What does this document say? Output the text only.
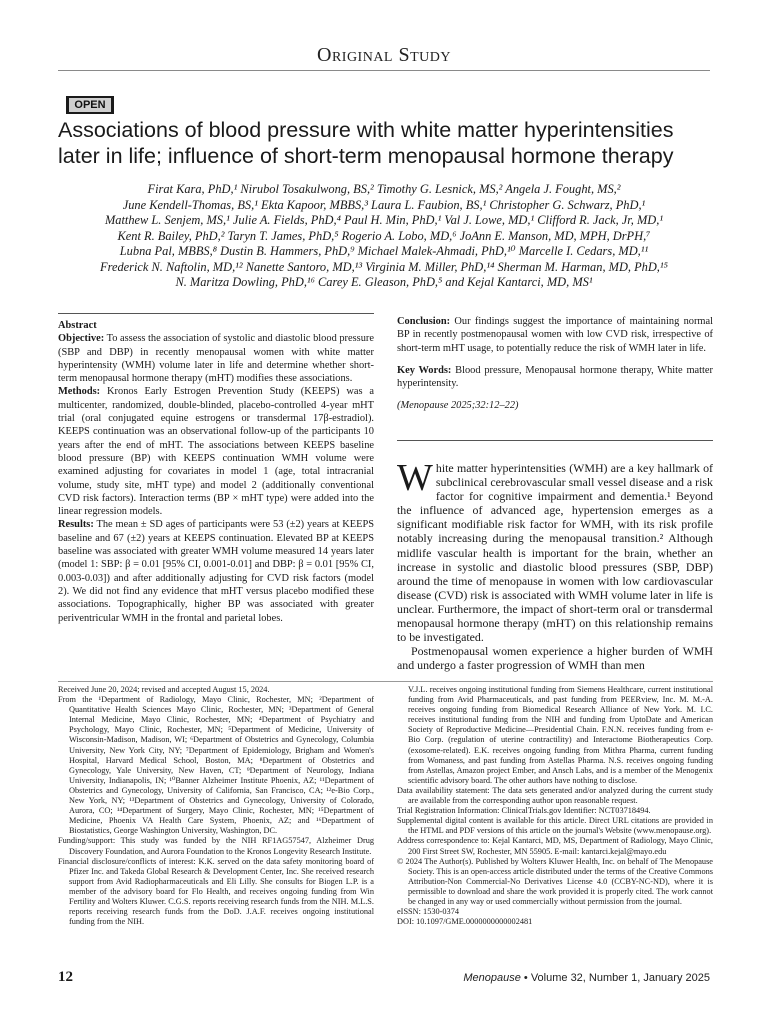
Original Study
OPEN
Associations of blood pressure with white matter hyperintensities later in life; influence of short-term menopausal hormone therapy
Firat Kara, PhD,¹ Nirubol Tosakulwong, BS,² Timothy G. Lesnick, MS,² Angela J. Fought, MS,²
June Kendell-Thomas, BS,¹ Ekta Kapoor, MBBS,³ Laura L. Faubion, BS,¹ Christopher G. Schwarz, PhD,¹
Matthew L. Senjem, MS,¹ Julie A. Fields, PhD,⁴ Paul H. Min, PhD,¹ Val J. Lowe, MD,¹ Clifford R. Jack, Jr, MD,¹
Kent R. Bailey, PhD,² Taryn T. James, PhD,⁵ Rogerio A. Lobo, MD,⁶ JoAnn E. Manson, MD, MPH, DrPH,⁷
Lubna Pal, MBBS,⁸ Dustin B. Hammers, PhD,⁹ Michael Malek-Ahmadi, PhD,¹⁰ Marcelle I. Cedars, MD,¹¹
Frederick N. Naftolin, MD,¹² Nanette Santoro, MD,¹³ Virginia M. Miller, PhD,¹⁴ Sherman M. Harman, MD, PhD,¹⁵
N. Maritza Dowling, PhD,¹⁶ Carey E. Gleason, PhD,⁵ and Kejal Kantarci, MD, MS¹

Abstract

Objective: To assess the association of systolic and diastolic blood pressure (SBP and DBP) in recently menopausal women with white matter hyperintensity (WMH) volume later in life and determine whether short-term menopausal hormone therapy (mHT) modifies these associations.

Methods: Kronos Early Estrogen Prevention Study (KEEPS) was a multicenter, randomized, double-blinded, placebo-controlled 4-year mHT trial (oral conjugated equine estrogens or transdermal 17β-estradiol). KEEPS continuation was an observational follow-up of the participants 10 years after the end of mHT. The associations between KEEPS baseline blood pressure (BP) with KEEPS continuation WMH volume were examined adjusting for covariates in model 1 (age, total intracranial volume, study site, mHT type) and model 2 (additionally conventional CVD risk factors). Interaction terms (BP × mHT type) were added into the linear regression models.

Results: The mean ± SD ages of participants were 53 (±2) years at KEEPS baseline and 67 (±2) years at KEEPS continuation. Elevated BP at KEEPS baseline was associated with greater WMH volume measured 14 years later (model 1: SBP: β = 0.01 [95% CI, 0.001-0.01] and DBP: β = 0.01 [95% CI, 0.003-0.03]) and after additionally adjusting for CVD risk factors (model 2). We did not find any evidence that mHT versus placebo modified these associations. Topographically, higher BP was associated with greater periventricular WMH in the frontal and parietal lobes.

Conclusion: Our findings suggest the importance of maintaining normal BP in recently postmenopausal women with low CVD risk, irrespective of short-term mHT usage, to potentially reduce the risk of WMH later in life.

Key Words: Blood pressure, Menopausal hormone therapy, White matter hyperintensity.

(Menopause 2025;32:12–22)

White matter hyperintensities (WMH) are a key hallmark of subclinical cerebrovascular small vessel disease and a risk factor for cognitive impairment and dementia.¹ Beyond the influence of advanced age, hypertension emerges as a significant modifiable risk factor for WMH, with its risk profile notably increasing during the menopausal transition.² Although midlife vascular health is important for the brain, whether an increase in systolic and diastolic blood pressures (SBP, DBP) around the time of menopause in women with low cardiovascular disease (CVD) risk is associated with WMH volume later in life is unclear. Furthermore, the impact of short-term oral or transdermal menopausal hormone therapy (mHT) on this relationship remains to be investigated.

Postmenopausal women experience a higher burden of WMH and undergo a faster progression of WMH than men

Received June 20, 2024; revised and accepted August 15, 2024.

From the ¹Department of Radiology, Mayo Clinic, Rochester, MN; ²Department of Quantitative Health Sciences Mayo Clinic, Rochester, MN; ³Department of General Internal Medicine, Mayo Clinic, Rochester, MN; ⁴Department of Psychiatry and Psychology, Mayo Clinic, Rochester, MN; ⁵Department of Medicine, University of Wisconsin-Madison, Madison, WI; ⁶Department of Obstetrics and Gynecology, Columbia University, New York City, NY; ⁷Department of Epidemiology, Brigham and Women's Hospital, Harvard Medical School, Boston, MA; ⁸Department of Obstetrics and Gynecology, Yale University, New Haven, CT; ⁹Department of Neurology, Indiana University, Indianapolis, IN; ¹⁰Banner Alzheimer Institute Phoenix, AZ; ¹¹Department of Obstetrics and Gynecology, University of California, San Francisco, CA; ¹²e-Bio Corp., New York, NY; ¹³Department of Obstetrics and Gynecology, University of Colorado, Aurora, CO; ¹⁴Department of Surgery, Mayo Clinic, Rochester, MN; ¹⁵Department of Medicine, Phoenix VA Health Care System, Phoenix, AZ; and ¹⁶Department of Biostatistics, George Washington University, Washington, DC.

Funding/support: This study was funded by the NIH RF1AG57547, Alzheimer Drug Discovery Foundation, and Aurora Foundation to the Kronos Longevity Research Institute.

Financial disclosure/conflicts of interest: K.K. served on the data safety monitoring board of Pfizer Inc. and Takeda Global Research & Development Center, Inc. She received research support from Avid Radiopharmaceuticals and Eli Lilly. She consults for Biogen L.P. is a member of the advisory board for Flo Health, and receives ongoing funding from Win Fertility and Wolters Kluwer. C.G.S. reports receiving research funds from the NIH. M.L.S. reports receiving research funds from the DoD. J.A.F. receives ongoing institutional funding from the NIH.

V.J.L. receives ongoing institutional funding from Siemens Healthcare, current institutional funding from Avid Pharmaceuticals, and past funding from PEERview, Inc. M. M.-A. receives ongoing funding from Biomedical Research Alliance of New York. M. I.C. receives institutional funding from the NIH and funding from UptoDate and American Society of Reproductive Medicine—Presidential Chain. F.N.N. receives funding from e-Bio Corp. (regulation of uterine contractility) and Interactome Biotherapeutics Corp. (exosome-related). E.K. receives ongoing funding from Mithra Pharma, current funding from Womaness, and past funding from Astellas Pharma. N.S. receives ongoing funding from Astellas, Amazon project Ember, and Ansch Labs, and is a member of the Menogenix scientific advisory board. The other authors have nothing to disclose.

Data availability statement: The data sets generated and/or analyzed during the current study are available from the corresponding author upon reasonable request.

Trial Registration Information: ClinicalTrials.gov Identifier: NCT03718494.

Supplemental digital content is available for this article. Direct URL citations are provided in the HTML and PDF versions of this article on the journal's Website (www.menopause.org).

Address correspondence to: Kejal Kantarci, MD, MS, Department of Radiology, Mayo Clinic, 200 First Street SW, Rochester, MN 55905. E-mail: kantarci.kejal@mayo.edu

© 2024 The Author(s). Published by Wolters Kluwer Health, Inc. on behalf of The Menopause Society. This is an open-access article distributed under the terms of the Creative Commons Attribution-Non Commercial-No Derivatives License 4.0 (CCBY-NC-ND), where it is permissible to download and share the work provided it is properly cited. The work cannot be changed in any way or used commercially without permission from the journal.

eISSN: 1530-0374

DOI: 10.1097/GME.0000000000002481

12	Menopause • Volume 32, Number 1, January 2025
